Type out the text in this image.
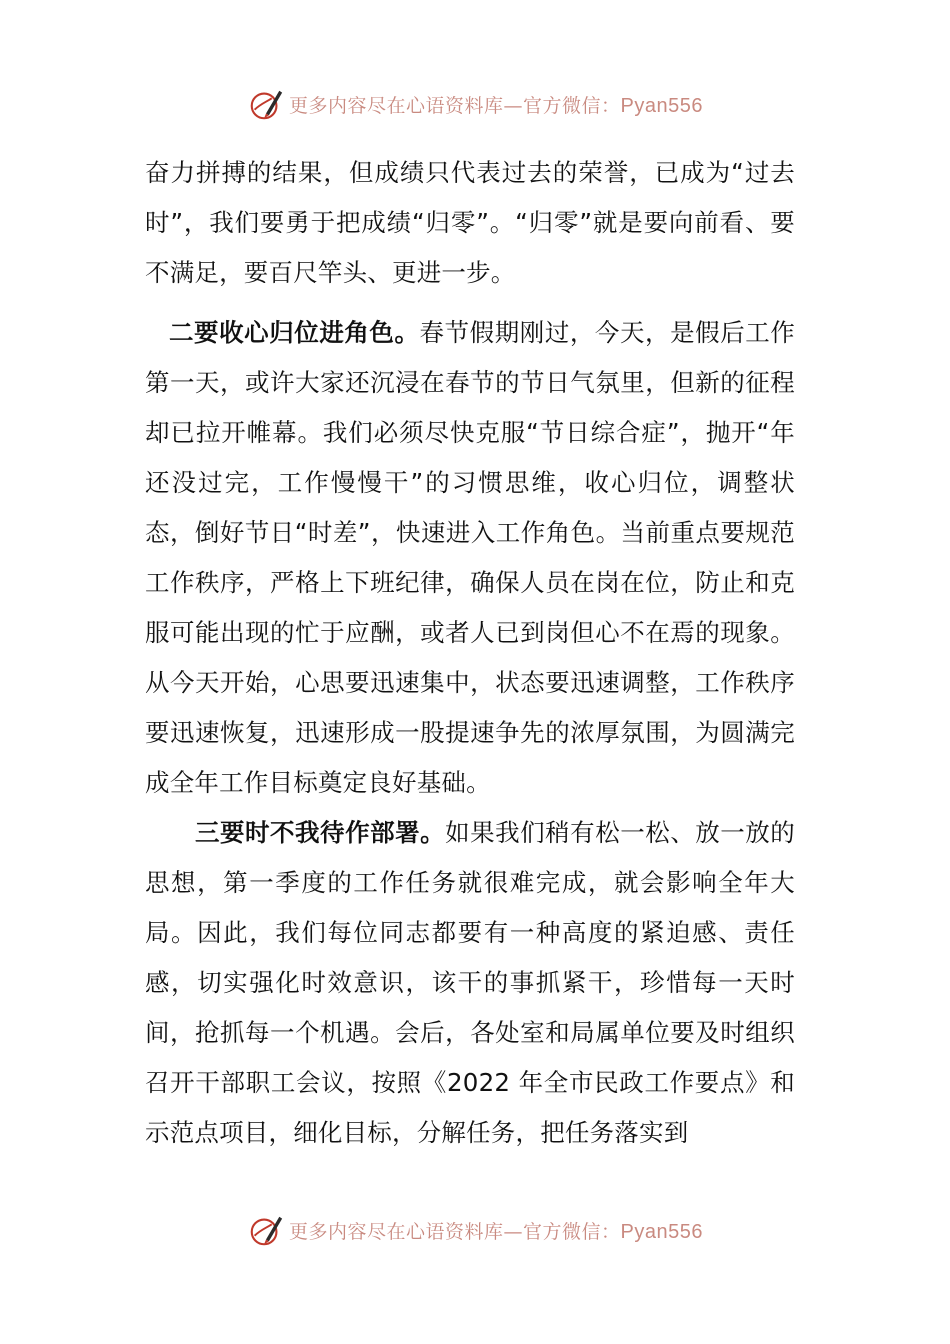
更多内容尽在心语资料库—官方微信：Pyan556

奋力拼搏的结果，但成绩只代表过去的荣誉，已成为“过去时”，我们要勇于把成绩“归零”。“归零”就是要向前看、要不满足，要百尺竿头、更进一步。

二要收心归位进角色。春节假期刚过，今天，是假后工作第一天，或许大家还沉浸在春节的节日气氛里，但新的征程却已拉开帷幕。我们必须尽快克服“节日综合症”，抛开“年还没过完，工作慢慢干”的习惯思维，收心归位，调整状态，倒好节日“时差”，快速进入工作角色。当前重点要规范工作秩序，严格上下班纪律，确保人员在岗在位，防止和克服可能出现的忙于应酬，或者人已到岗但心不在焉的现象。从今天开始，心思要迅速集中，状态要迅速调整，工作秩序要迅速恢复，迅速形成一股提速争先的浓厚氛围，为圆满完成全年工作目标奠定良好基础。

三要时不我待作部署。如果我们稍有松一松、放一放的思想，第一季度的工作任务就很难完成，就会影响全年大局。因此，我们每位同志都要有一种高度的紧迫感、责任感，切实强化时效意识，该干的事抓紧干，珍惜每一天时间，抢抓每一个机遇。会后，各处室和局属单位要及时组织召开干部职工会议，按照《2022 年全市民政工作要点》和示范点项目，细化目标，分解任务，把任务落实到

更多内容尽在心语资料库—官方微信：Pyan556
